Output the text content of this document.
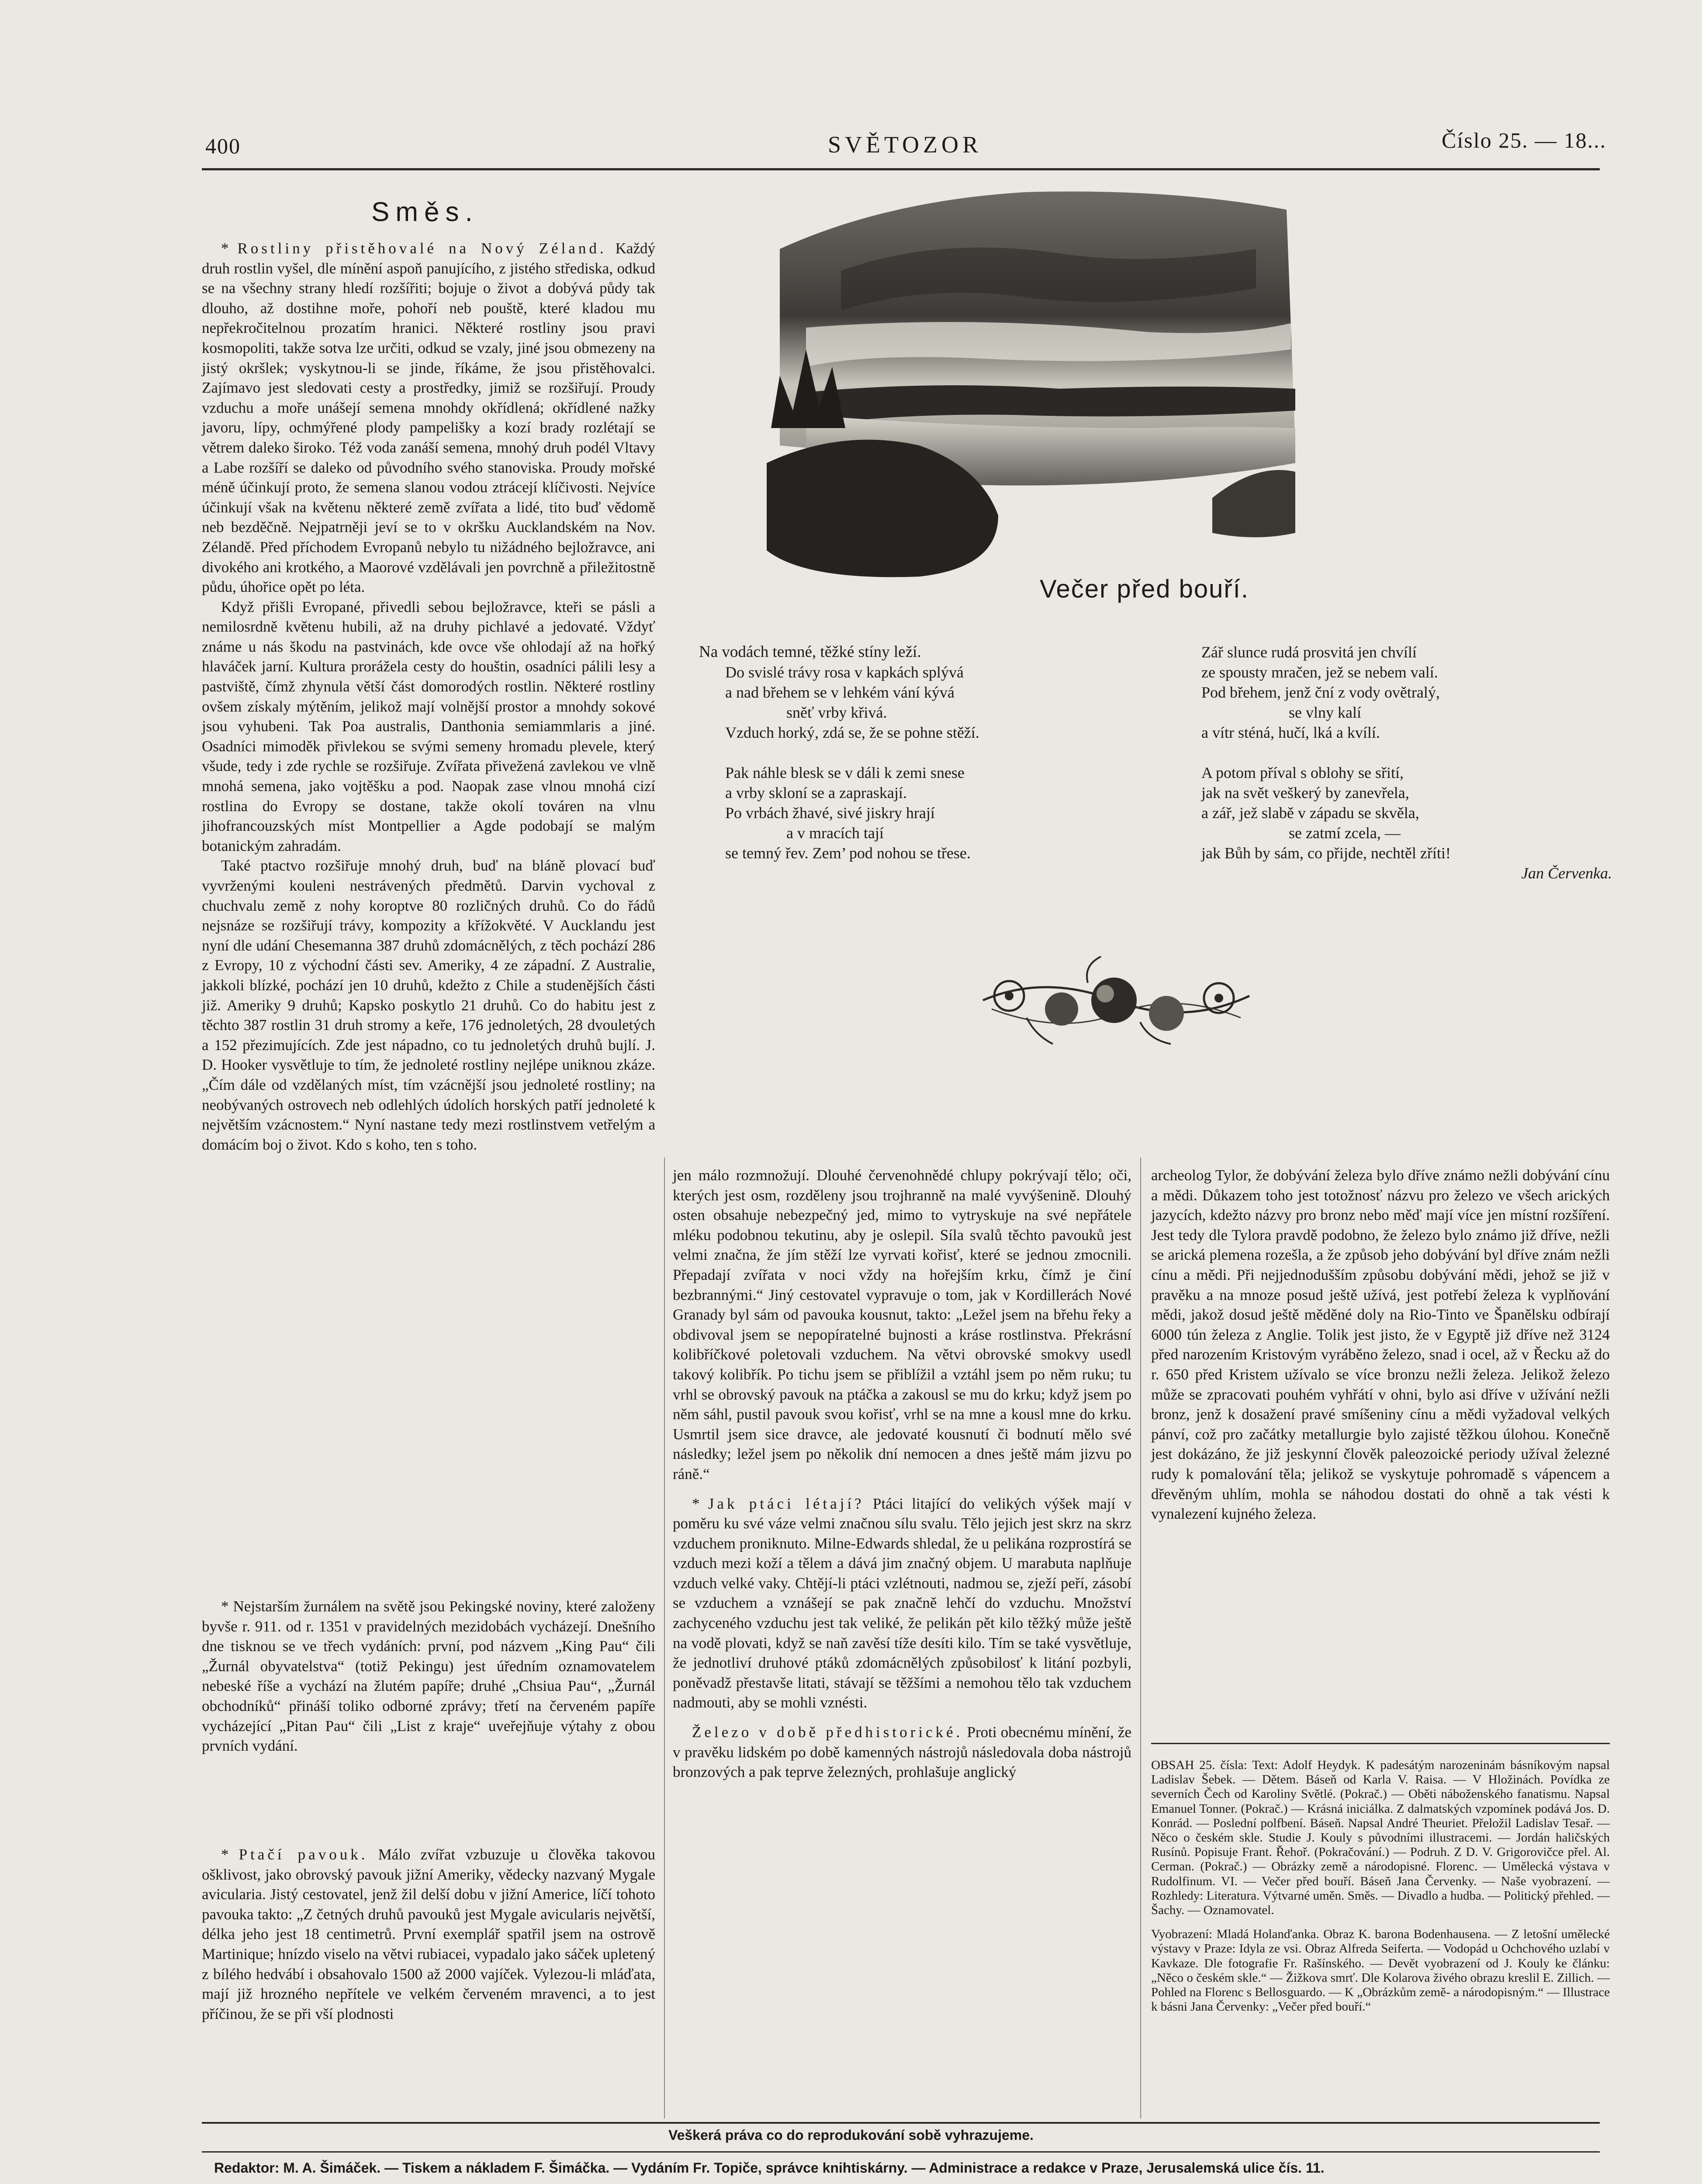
400	SVĚTOZOR	Číslo 25. — 18...
Směs.

* Rostliny přistěhovalé na Nový Zéland. Každý druh rostlin vyšel, dle mínění aspoň panujícího, z jistého střediska, odkud se na všechny strany hledí rozšířiti; bojuje o život a dobývá půdy tak dlouho, až dostihne moře, pohoří neb pouště, které kladou mu nepřekročitelnou prozatím hranici. Některé rostliny jsou pravi kosmopoliti, takže sotva lze určiti, odkud se vzaly, jiné jsou obmezeny na jistý okršlek; vyskytnou-li se jinde, říkáme, že jsou přistěhovalci. Zajímavo jest sledovati cesty a prostředky, jimiž se rozšiřují. Proudy vzduchu a moře unášejí semena mnohdy okřídlená; okřídlené nažky javoru, lípy, ochmýřené plody pampelišky a kozí brady rozlétají se větrem daleko široko. Též voda zanáší semena, mnohý druh podél Vltavy a Labe rozšíří se daleko od původního svého stanoviska. Proudy mořské méně účinkují proto, že semena slanou vodou ztrácejí klíčivosti. Nejvíce účinkují však na květenu některé země zvířata a lidé, tito buď vědomě neb bezděčně. Nejpatrněji jeví se to v okršku Aucklandském na Nov. Zélandě. Před příchodem Evropanů nebylo tu nižádného bejložravce, ani divokého ani krotkého, a Maorové vzdělávali jen povrchně a přiležitostně půdu, úhořice opět po léta.

Když přišli Evropané, přivedli sebou bejložravce, kteři se pásli a nemilosrdně květenu hubili, až na druhy pichlavé a jedovaté. Vždyť známe u nás škodu na pastvinách, kde ovce vše ohlodají až na hořký hlaváček jarní. Kultura prorážela cesty do houštin, osadníci pálili lesy a pastviště, čímž zhynula větší část domorodých rostlin. Některé rostliny ovšem získaly mýtěním, jelikož mají volnější prostor a mnohdy sokové jsou vyhubeni. Tak Poa australis, Danthonia semiammlaris a jiné. Osadníci mimoděk přivlekou se svými semeny hromadu plevele, který všude, tedy i zde rychle se rozšiřuje. Zvířata přivežená zavlekou ve vlně mnohá semena, jako vojtěšku a pod. Naopak zase vlnou mnohá cizí rostlina do Evropy se dostane, takže okolí továren na vlnu jihofrancouzských míst Montpellier a Agde podobají se malým botanickým zahradám.

Také ptactvo rozšiřuje mnohý druh, buď na bláně plovací buď vyvrženými kouleni nestrávených předmětů. Darvin vychoval z chuchvalu země z nohy koroptve 80 rozličných druhů. Co do řádů nejsnáze se rozšiřují trávy, kompozity a křížokvěté. V Aucklandu jest nyní dle udání Chesemanna 387 druhů zdomácnělých, z těch pochází 286 z Evropy, 10 z východní části sev. Ameriky, 4 ze západní. Z Australie, jakkoli blízké, pochází jen 10 druhů, kdežto z Chile a studenějších části již. Ameriky 9 druhů; Kapsko poskytlo 21 druhů. Co do habitu jest z těchto 387 rostlin 31 druh stromy a keře, 176 jednoletých, 28 dvouletých a 152 přezimujících. Zde jest nápadno, co tu jednoletých druhů bujlí. J. D. Hooker vysvětluje to tím, že jednoleté rostliny nejlépe uniknou zkáze. „Čím dále od vzdělaných míst, tím vzácnější jsou jednoleté rostliny; na neobývaných ostrovech neb odlehlých údolích horských patří jednoleté k největším vzácnostem.“ Nyní nastane tedy mezi rostlinstvem vetřelým a domácím boj o život. Kdo s koho, ten s toho.

* Nejstarším žurnálem na světě jsou Pekingské noviny, které založeny byvše r. 911. od r. 1351 v pravidelných mezidobách vycházejí. Dnešního dne tisknou se ve třech vydáních: první, pod názvem „King Pau“ čili „Žurnál obyvatelstva“ (totiž Pekingu) jest úředním oznamovatelem nebeské říše a vychází na žlutém papíře; druhé „Chsiua Pau“, „Žurnál obchodníků“ přináší toliko odborné zprávy; třetí na červeném papíře vycházející „Pitan Pau“ čili „List z kraje“ uveřejňuje výtahy z obou prvních vydání.

* Ptačí pavouk. Málo zvířat vzbuzuje u člověka takovou ošklivost, jako obrovský pavouk jižní Ameriky, vědecky nazvaný Mygale avicularia. Jistý cestovatel, jenž žil delší dobu v jižní Americe, líčí tohoto pavouka takto: „Z četných druhů pavouků jest Mygale avicularis největší, délka jeho jest 18 centimetrů. První exemplář spatřil jsem na ostrově Martinique; hnízdo viselo na větvi rubiacei, vypadalo jako sáček upletený z bílého hedvábí i obsahovalo 1500 až 2000 vajíček. Vylezou-li mláďata, mají již hrozného nepřítele ve velkém červeném mravenci, a to jest příčinou, že se při vší plodnosti

Večer před bouří.
Na vodách temné, těžké stíny leží.
Do svislé trávy rosa v kapkách splývá
a nad břehem se v lehkém vání kývá
sněť vrby křivá.
Vzduch horký, zdá se, že se pohne stěží.
Pak náhle blesk se v dáli k zemi snese
a vrby skloní se a zapraskají.
Po vrbách žhavé, sivé jiskry hrají
a v mracích tají
se temný řev. Zem’ pod nohou se třese.
Zář slunce rudá prosvitá jen chvílí
ze spousty mračen, jež se nebem valí.
Pod břehem, jenž ční z vody ovětralý,
se vlny kalí
a vítr sténá, hučí, lká a kvílí.
A potom příval s oblohy se sřití,
jak na svět veškerý by zanevřela,
a zář, jež slabě v západu se skvěla,
se zatmí zcela, —
jak Bůh by sám, co přijde, nechtěl zříti!
Jan Červenka.

jen málo rozmnožují. Dlouhé červenohnědé chlupy pokrývají tělo; oči, kterých jest osm, rozděleny jsou trojhranně na malé vyvýšenině. Dlouhý osten obsahuje nebezpečný jed, mimo to vytryskuje na své nepřátele mléku podobnou tekutinu, aby je oslepil. Síla svalů těchto pavouků jest velmi značna, že jím stěží lze vyrvati kořisť, které se jednou zmocnili. Přepadají zvířata v noci vždy na hořejším krku, čímž je činí bezbrannými.“ Jiný cestovatel vypravuje o tom, jak v Kordillerách Nové Granady byl sám od pavouka kousnut, takto: „Ležel jsem na břehu řeky a obdivoval jsem se nepopíratelné bujnosti a kráse rostlinstva. Překrásní kolibříčkové poletovali vzduchem. Na větvi obrovské smokvy usedl takový kolibřík. Po tichu jsem se přiblížil a vztáhl jsem po něm ruku; tu vrhl se obrovský pavouk na ptáčka a zakousl se mu do krku; když jsem po něm sáhl, pustil pavouk svou kořisť, vrhl se na mne a kousl mne do krku. Usmrtil jsem sice dravce, ale jedovaté kousnutí či bodnutí mělo své následky; ležel jsem po několik dní nemocen a dnes ještě mám jizvu po ráně.“

* Jak ptáci létají? Ptáci litající do velikých výšek mají v poměru ku své váze velmi značnou sílu svalu. Tělo jejich jest skrz na skrz vzduchem proniknuto. Milne-Edwards shledal, že u pelikána rozprostírá se vzduch mezi koží a tělem a dává jim značný objem. U marabuta naplňuje vzduch velké vaky. Chtějí-li ptáci vzlétnouti, nadmou se, zježí peří, zásobí se vzduchem a vznášejí se pak značně lehčí do vzduchu. Množství zachyceného vzduchu jest tak veliké, že pelikán pět kilo těžký může ještě na vodě plovati, když se naň zavěsí tíže desíti kilo. Tím se také vysvětluje, že jednotliví druhové ptáků zdomácnělých způsobilosť k litání pozbyli, poněvadž přestavše litati, stávají se těžšími a nemohou tělo tak vzduchem nadmouti, aby se mohli vznésti.

Železo v době předhistorické. Proti obecnému mínění, že v pravěku lidském po době kamenných nástrojů následovala doba nástrojů bronzových a pak teprve železných, prohlašuje anglický

archeolog Tylor, že dobývání železa bylo dříve známo nežli dobývání cínu a mědi. Důkazem toho jest totožnosť názvu pro železo ve všech arických jazycích, kdežto názvy pro bronz nebo měď mají více jen místní rozšíření. Jest tedy dle Tylora pravdě podobno, že železo bylo známo již dříve, nežli se arická plemena rozešla, a že způsob jeho dobývání byl dříve znám nežli cínu a mědi. Při nejjednodušším způsobu dobývání mědi, jehož se již v pravěku a na mnoze posud ještě užívá, jest potřebí železa k vyplňování mědi, jakož dosud ještě měděné doly na Rio-Tinto ve Španělsku odbírají 6000 tún železa z Anglie. Tolik jest jisto, že v Egyptě již dříve než 3124 před narozením Kristovým vyráběno železo, snad i ocel, až v Řecku až do r. 650 před Kristem užívalo se více bronzu nežli železa. Jelikož železo může se zpracovati pouhém vyhřátí v ohni, bylo asi dříve v užívání nežli bronz, jenž k dosažení pravé smíšeniny cínu a mědi vyžadoval velkých pánví, což pro začátky metallurgie bylo zajisté těžkou úlohou. Konečně jest dokázáno, že již jeskynní člověk paleozoické periody užíval železné rudy k pomalování těla; jelikož se vyskytuje pohromadě s vápencem a dřevěným uhlím, mohla se náhodou dostati do ohně a tak vésti k vynalezení kujného železa.

OBSAH 25. čísla: Text: Adolf Heydyk. K padesátým narozeninám básníkovým napsal Ladislav Šebek. — Dětem. Báseň od Karla V. Raisa. — V Hložinách. Povídka ze severních Čech od Karoliny Světlé. (Pokrač.) — Oběti náboženského fanatismu. Napsal Emanuel Tonner. (Pokrač.) — Krásná iniciálka. Z dalmatských vzpomínek podává Jos. D. Konrád. — Poslední polfbení. Báseň. Napsal André Theuriet. Přeložil Ladislav Tesař. — Něco o českém skle. Studie J. Kouly s původními illustracemi. — Jordán haličských Rusínů. Popisuje Frant. Řehoř. (Pokračování.) — Podruh. Z D. V. Grigorovičce přel. Al. Cerman. (Pokrač.) — Obrázky země a národopisné. Florenc. — Umělecká výstava v Rudolfinum. VI. — Večer před bouří. Báseň Jana Červenky. — Naše vyobrazení. — Rozhledy: Literatura. Výtvarné uměn. Směs. — Divadlo a hudba. — Politický přehled. — Šachy. — Oznamovatel.

Vyobrazení: Mladá Holanďanka. Obraz K. barona Bodenhausena. — Z letošní umělecké výstavy v Praze: Idyla ze vsi. Obraz Alfreda Seiferta. — Vodopád u Ochchového uzlabí v Kavkaze. Dle fotografie Fr. Rašínského. — Devět vyobrazení od J. Kouly ke článku: „Něco o českém skle.“ — Žižkova smrť. Dle Kolarova živého obrazu kreslil E. Zillich. — Pohled na Florenc s Bellosguardo. — K „Obrázkům země- a národopisným.“ — Illustrace k básni Jana Červenky: „Večer před bouří.“

Veškerá práva co do reprodukování sobě vyhrazujeme.
Redaktor: M. A. Šimáček. — Tiskem a nákladem F. Šimáčka. — Vydáním Fr. Topiče, správce knihtiskárny. — Administrace a redakce v Praze, Jerusalemská ulice čís. 11.
